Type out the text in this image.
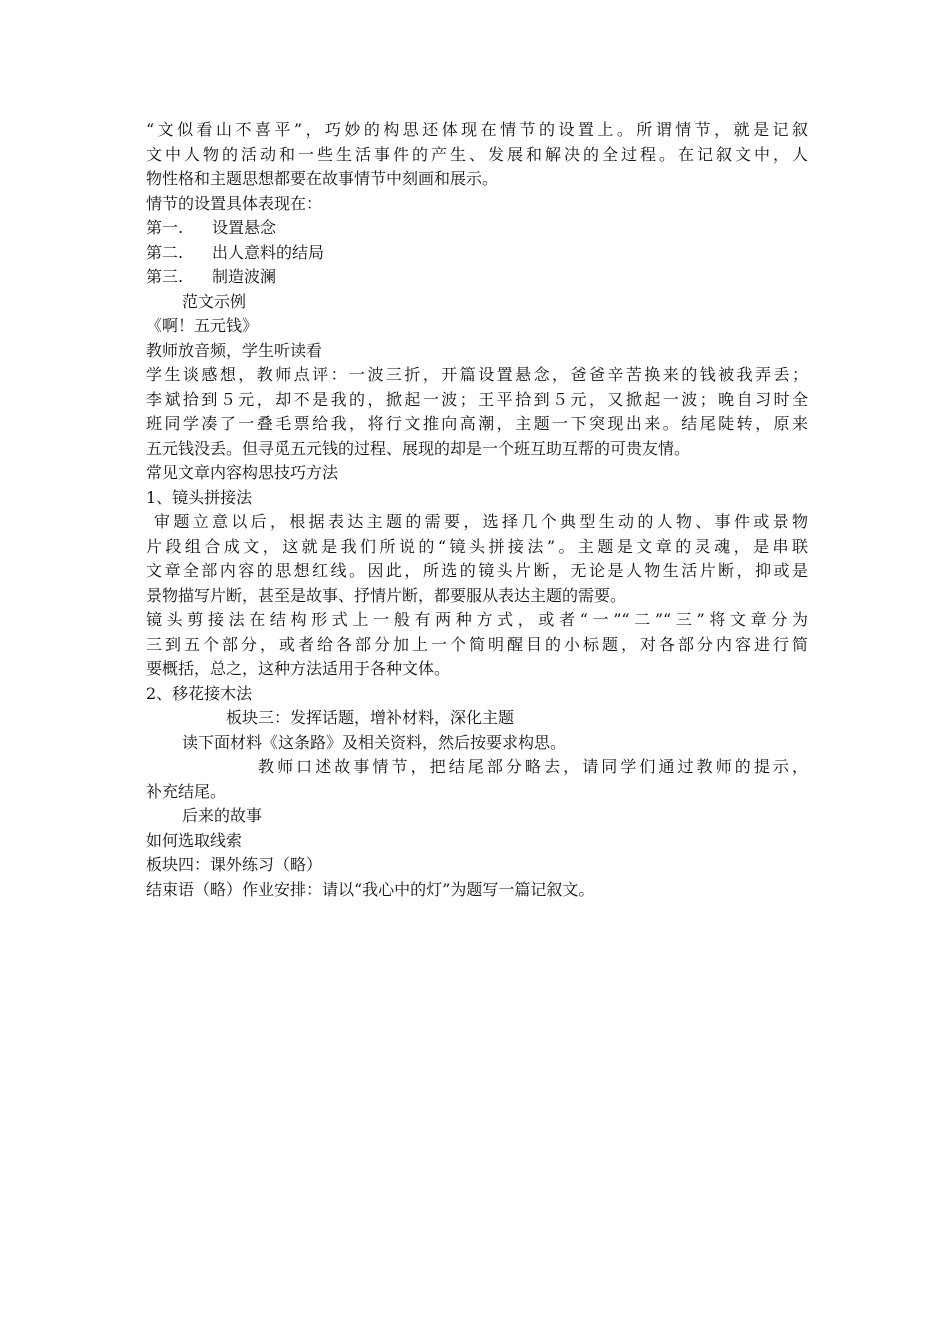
“文似看山不喜平”，巧妙的构思还体现在情节的设置上。所谓情节，就是记叙
文中人物的活动和一些生活事件的产生、发展和解决的全过程。在记叙文中，人
物性格和主题思想都要在故事情节中刻画和展示。
情节的设置具体表现在：
第一. 设置悬念
第二. 出人意料的结局
第三. 制造波澜
范文示例
《啊！五元钱》
教师放音频，学生听读看
学生谈感想，教师点评：一波三折，开篇设置悬念，爸爸辛苦换来的钱被我弄丢；
李斌拾到５元，却不是我的，掀起一波；王平拾到５元，又掀起一波；晚自习时全
班同学凑了一叠毛票给我，将行文推向高潮，主题一下突现出来。结尾陡转，原来
五元钱没丢。但寻觅五元钱的过程、展现的却是一个班互助互帮的可贵友情。
常见文章内容构思技巧方法
1、镜头拼接法
审题立意以后，根据表达主题的需要，选择几个典型生动的人物、事件或景物
片段组合成文，这就是我们所说的“镜头拼接法”。主题是文章的灵魂，是串联
文章全部内容的思想红线。因此，所选的镜头片断，无论是人物生活片断，抑或是
景物描写片断，甚至是故事、抒情片断，都要服从表达主题的需要。
镜头剪接法在结构形式上一般有两种方式，或者“一”“二”“三”将文章分为
三到五个部分，或者给各部分加上一个简明醒目的小标题，对各部分内容进行简
要概括，总之，这种方法适用于各种文体。
2、移花接木法
板块三：发挥话题，增补材料，深化主题
读下面材料《这条路》及相关资料，然后按要求构思。
教师口述故事情节，把结尾部分略去，请同学们通过教师的提示，
补充结尾。
后来的故事
如何选取线索
板块四：课外练习（略）
结束语（略）作业安排：请以“我心中的灯”为题写一篇记叙文。
